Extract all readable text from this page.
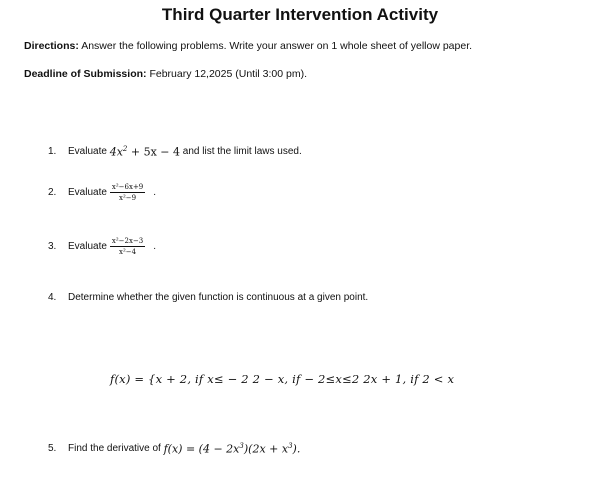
Third Quarter Intervention Activity
Directions: Answer the following problems. Write your answer on 1 whole sheet of yellow paper.
Deadline of Submission: February 12,2025 (Until 3:00 pm).
1.	Evaluate
$4x^2 + 5x - 4$
and list the limit laws used.
2.	Evaluate $\frac{\text{x²−6x+9}}{\text{x²−9}}$ .
3.	Evaluate $\frac{\text{x²−2x−3}}{\text{x²−4}}$ .
4.	Determine whether the given function is continuous at a given point.
f(x) = {x + 2, if x≤ − 2 2 − x, if − 2≤x≤2 2x + 1, if 2 < x
5.	Find the derivative of
$f(x) = (4 - 2x^3)(2x + x^3)$.
